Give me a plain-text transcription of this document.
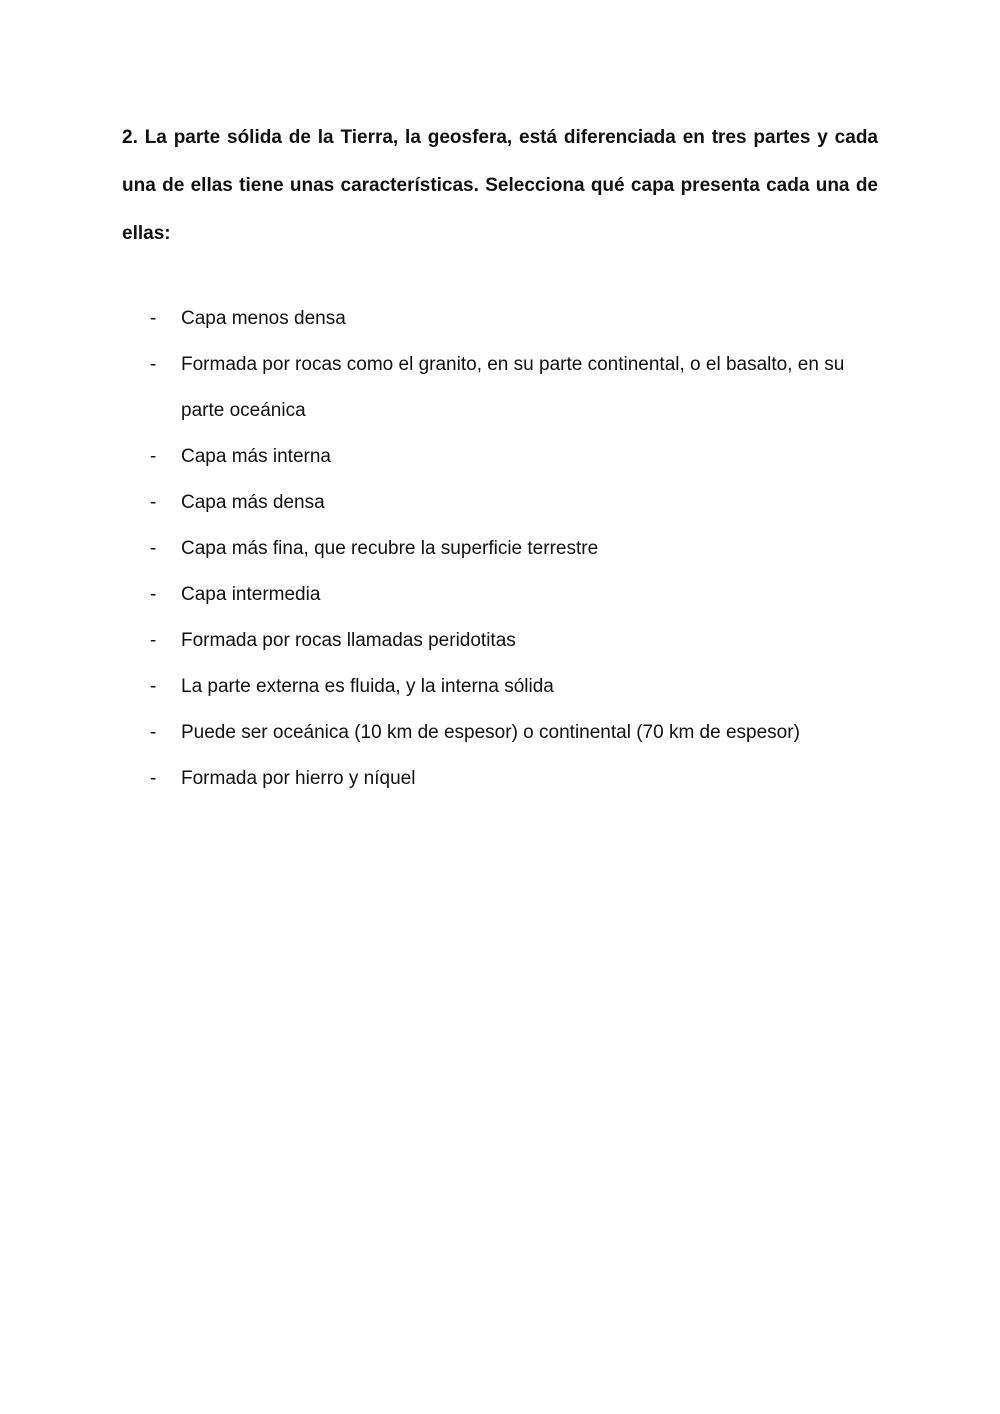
2. La parte sólida de la Tierra, la geosfera, está diferenciada en tres partes y cada una de ellas tiene unas características. Selecciona qué capa presenta cada una de ellas:

-	Capa menos densa
-	Formada por rocas como el granito, en su parte continental, o el basalto, en su parte oceánica
-	Capa más interna
-	Capa más densa
-	Capa más fina, que recubre la superficie terrestre
-	Capa intermedia
-	Formada por rocas llamadas peridotitas
-	La parte externa es fluida, y la interna sólida
-	Puede ser oceánica (10 km de espesor) o continental (70 km de espesor)
-	Formada por hierro y níquel
